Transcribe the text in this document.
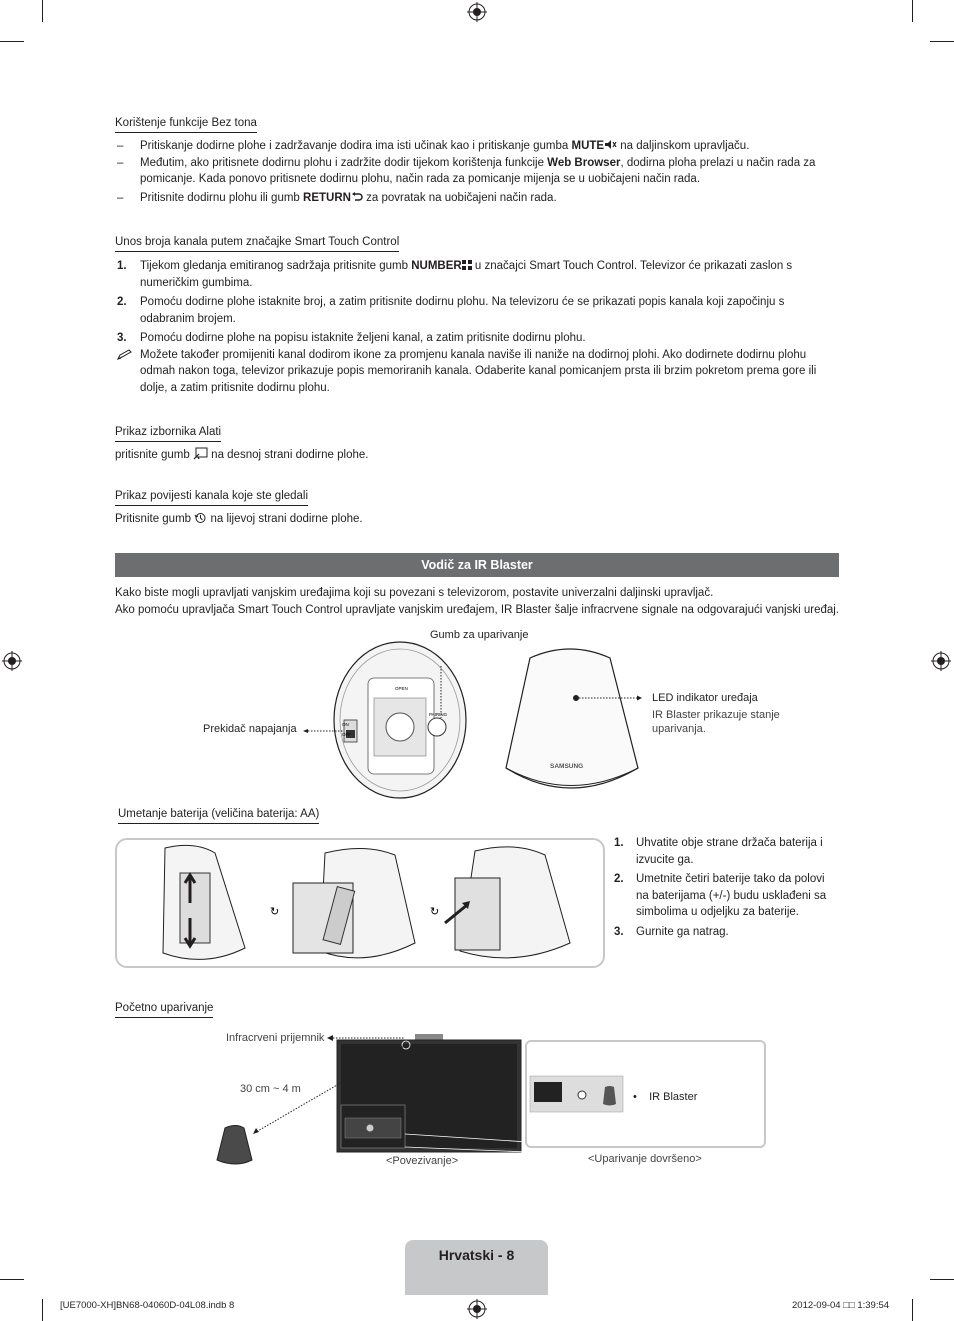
Korištenje funkcije Bez tona
– Pritiskanje dodirne plohe i zadržavanje dodira ima isti učinak kao i pritiskanje gumba MUTE na daljinskom upravljaču.
– Međutim, ako pritisnete dodirnu plohu i zadržite dodir tijekom korištenja funkcije Web Browser, dodirna ploha prelazi u način rada za pomicanje. Kada ponovo pritisnete dodirnu plohu, način rada za pomicanje mijenja se u uobičajeni način rada.
– Pritisnite dodirnu plohu ili gumb RETURN za povratak na uobičajeni način rada.
Unos broja kanala putem značajke Smart Touch Control
1. Tijekom gledanja emitiranog sadržaja pritisnite gumb NUMBER u značajci Smart Touch Control. Televizor će prikazati zaslon s numeričkim gumbima.
2. Pomoću dodirne plohe istaknite broj, a zatim pritisnite dodirnu plohu. Na televizoru će se prikazati popis kanala koji započinju s odabranim brojem.
3. Pomoću dodirne plohe na popisu istaknite željeni kanal, a zatim pritisnite dodirnu plohu.
Možete također promijeniti kanal dodirom ikone za promjenu kanala naviše ili naniže na dodirnoj plohi. Ako dodirnete dodirnu plohu odmah nakon toga, televizor prikazuje popis memoriranih kanala. Odaberite kanal pomicanjem prsta ili brzim pokretom prema gore ili dolje, a zatim pritisnite dodirnu plohu.
Prikaz izbornika Alati
pritisnite gumb  na desnoj strani dodirne plohe.
Prikaz povijesti kanala koje ste gledali
Pritisnite gumb  na lijevoj strani dodirne plohe.
Vodič za IR Blaster
Kako biste mogli upravljati vanjskim uređajima koji su povezani s televizorom, postavite univerzalni daljinski upravljač.
Ako pomoću upravljača Smart Touch Control upravljate vanjskim uređajem, IR Blaster šalje infracrvene signale na odgovarajući vanjski uređaj.
Gumb za uparivanje
Prekidač napajanja
LED indikator uređaja
IR Blaster prikazuje stanje uparivanja.
OPEN
PAIRING
ON
OFF
SAMSUNG
Umetanje baterija (veličina baterija: AA)
↻	↻
1. Uhvatite obje strane držača baterija i izvucite ga.
2. Umetnite četiri baterije tako da polovi na baterijama (+/-) budu usklađeni sa simbolima u odjeljku za baterije.
3. Gurnite ga natrag.
Početno uparivanje
Infracrveni prijemnik
30 cm ~ 4 m
•    IR Blaster
<Povezivanje>	<Uparivanje dovršeno>
Hrvatski - 8
[UE7000-XH]BN68-04060D-04L08.indb 8	2012-09-04 □□ 1:39:54
